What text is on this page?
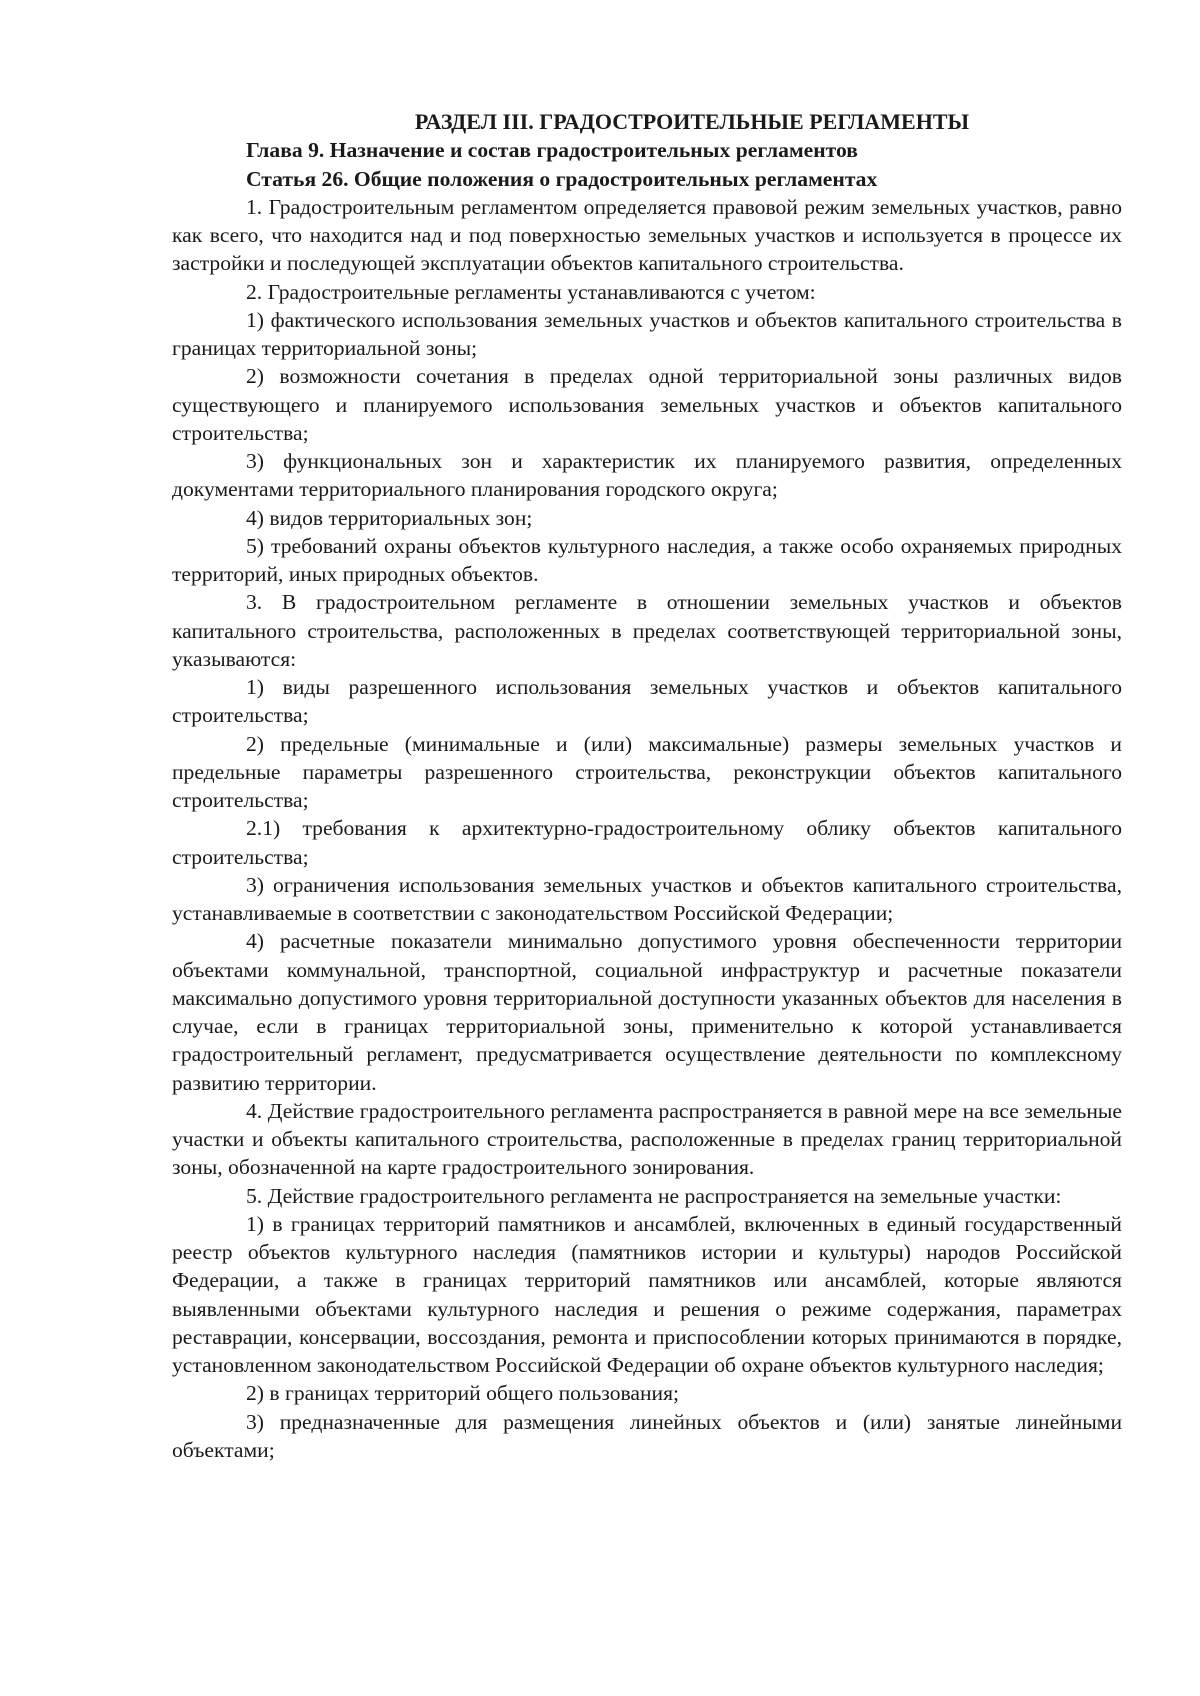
РАЗДЕЛ III. ГРАДОСТРОИТЕЛЬНЫЕ РЕГЛАМЕНТЫ

Глава 9. Назначение и состав градостроительных регламентов

Статья 26. Общие положения о градостроительных регламентах

1. Градостроительным регламентом определяется правовой режим земельных участков, равно как всего, что находится над и под поверхностью земельных участков и используется в процессе их застройки и последующей эксплуатации объектов капитального строительства.

2. Градостроительные регламенты устанавливаются с учетом:

1) фактического использования земельных участков и объектов капитального строительства в границах территориальной зоны;

2) возможности сочетания в пределах одной территориальной зоны различных видов существующего и планируемого использования земельных участков и объектов капитального строительства;

3) функциональных зон и характеристик их планируемого развития, определенных документами территориального планирования городского округа;

4) видов территориальных зон;

5) требований охраны объектов культурного наследия, а также особо охраняемых природных территорий, иных природных объектов.

3. В градостроительном регламенте в отношении земельных участков и объектов капитального строительства, расположенных в пределах соответствующей территориальной зоны, указываются:

1) виды разрешенного использования земельных участков и объектов капитального строительства;

2) предельные (минимальные и (или) максимальные) размеры земельных участков и предельные параметры разрешенного строительства, реконструкции объектов капитального строительства;

2.1) требования к архитектурно-градостроительному облику объектов капитального строительства;

3) ограничения использования земельных участков и объектов капитального строительства, устанавливаемые в соответствии с законодательством Российской Федерации;

4) расчетные показатели минимально допустимого уровня обеспеченности территории объектами коммунальной, транспортной, социальной инфраструктур и расчетные показатели максимально допустимого уровня территориальной доступности указанных объектов для населения в случае, если в границах территориальной зоны, применительно к которой устанавливается градостроительный регламент, предусматривается осуществление деятельности по комплексному развитию территории.

4. Действие градостроительного регламента распространяется в равной мере на все земельные участки и объекты капитального строительства, расположенные в пределах границ территориальной зоны, обозначенной на карте градостроительного зонирования.

5. Действие градостроительного регламента не распространяется на земельные участки:

1) в границах территорий памятников и ансамблей, включенных в единый государственный реестр объектов культурного наследия (памятников истории и культуры) народов Российской Федерации, а также в границах территорий памятников или ансамблей, которые являются выявленными объектами культурного наследия и решения о режиме содержания, параметрах реставрации, консервации, воссоздания, ремонта и приспособлении которых принимаются в порядке, установленном законодательством Российской Федерации об охране объектов культурного наследия;

2) в границах территорий общего пользования;

3) предназначенные для размещения линейных объектов и (или) занятые линейными объектами;
